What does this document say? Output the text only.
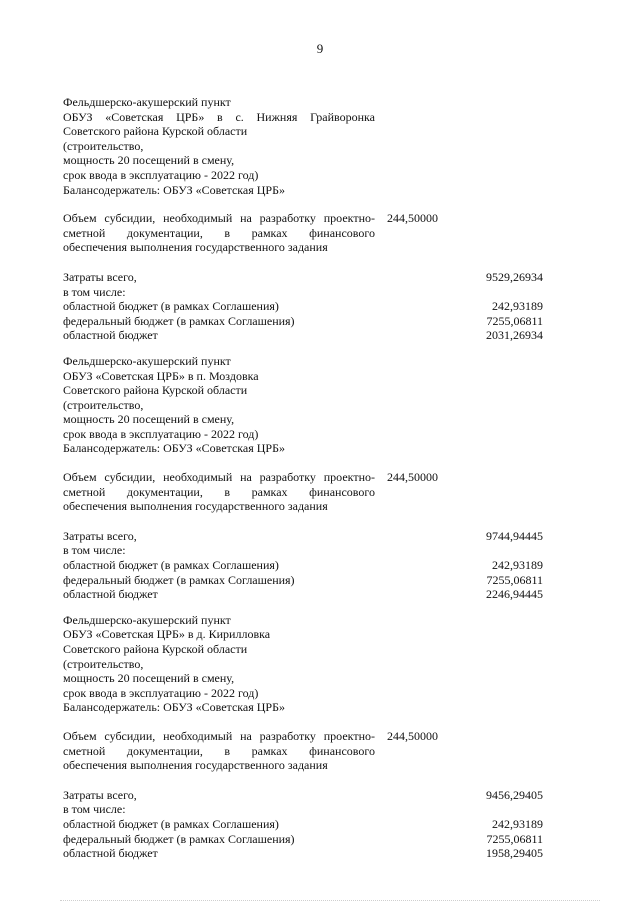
9
Фельдшерско-акушерский пункт
ОБУЗ «Советская ЦРБ» в с. Нижняя Грайворонка
Советского района Курской области
(строительство,
мощность 20 посещений в смену,
срок ввода в эксплуатацию - 2022 год)
Балансодержатель: ОБУЗ «Советская ЦРБ»
Объем субсидии, необходимый на разработку проектно-
сметной документации, в рамках финансового
обеспечения выполнения государственного задания
244,50000
Затраты всего,	9529,26934
в том числе:
областной бюджет (в рамках Соглашения)	242,93189
федеральный бюджет (в рамках Соглашения)	7255,06811
областной бюджет	2031,26934
Фельдшерско-акушерский пункт
ОБУЗ «Советская ЦРБ» в п. Моздовка
Советского района Курской области
(строительство,
мощность 20 посещений в смену,
срок ввода в эксплуатацию - 2022 год)
Балансодержатель: ОБУЗ «Советская ЦРБ»
Объем субсидии, необходимый на разработку проектно-
сметной документации, в рамках финансового
обеспечения выполнения государственного задания
244,50000
Затраты всего,	9744,94445
в том числе:
областной бюджет (в рамках Соглашения)	242,93189
федеральный бюджет (в рамках Соглашения)	7255,06811
областной бюджет	2246,94445
Фельдшерско-акушерский пункт
ОБУЗ «Советская ЦРБ» в д. Кирилловка
Советского района Курской области
(строительство,
мощность 20 посещений в смену,
срок ввода в эксплуатацию - 2022 год)
Балансодержатель: ОБУЗ «Советская ЦРБ»
Объем субсидии, необходимый на разработку проектно-
сметной документации, в рамках финансового
обеспечения выполнения государственного задания
244,50000
Затраты всего,	9456,29405
в том числе:
областной бюджет (в рамках Соглашения)	242,93189
федеральный бюджет (в рамках Соглашения)	7255,06811
областной бюджет	1958,29405
